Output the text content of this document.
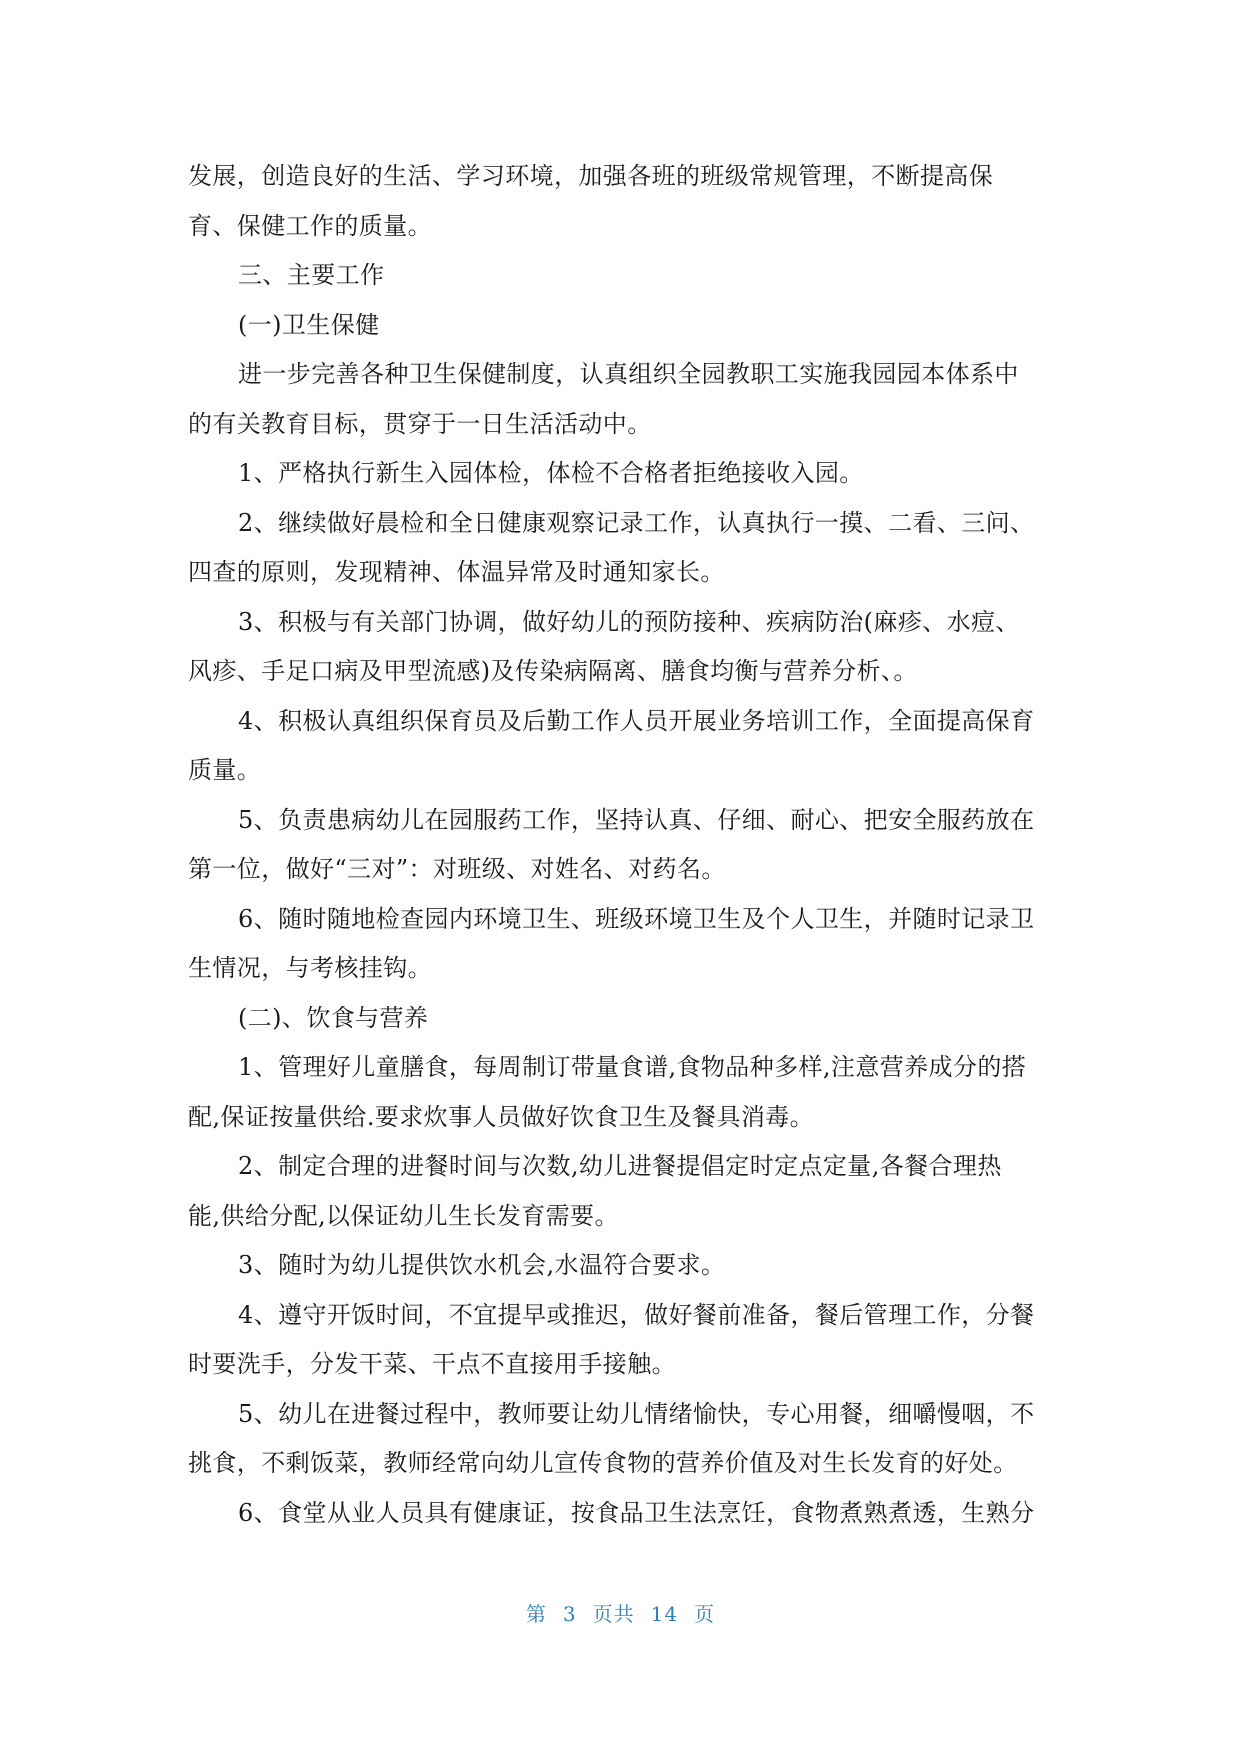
发展，创造良好的生活、学习环境，加强各班的班级常规管理，不断提高保
育、保健工作的质量。
三、主要工作
(一)卫生保健
进一步完善各种卫生保健制度，认真组织全园教职工实施我园园本体系中
的有关教育目标，贯穿于一日生活活动中。
1、严格执行新生入园体检，体检不合格者拒绝接收入园。
2、继续做好晨检和全日健康观察记录工作，认真执行一摸、二看、三问、
四查的原则，发现精神、体温异常及时通知家长。
3、积极与有关部门协调，做好幼儿的预防接种、疾病防治(麻疹、水痘、
风疹、手足口病及甲型流感)及传染病隔离、膳食均衡与营养分析、。
4、积极认真组织保育员及后勤工作人员开展业务培训工作，全面提高保育
质量。
5、负责患病幼儿在园服药工作，坚持认真、仔细、耐心、把安全服药放在
第一位，做好“三对”：对班级、对姓名、对药名。
6、随时随地检查园内环境卫生、班级环境卫生及个人卫生，并随时记录卫
生情况，与考核挂钩。
(二)、饮食与营养
1、管理好儿童膳食，每周制订带量食谱,食物品种多样,注意营养成分的搭
配,保证按量供给.要求炊事人员做好饮食卫生及餐具消毒。
2、制定合理的进餐时间与次数,幼儿进餐提倡定时定点定量,各餐合理热
能,供给分配,以保证幼儿生长发育需要。
3、随时为幼儿提供饮水机会,水温符合要求。
4、遵守开饭时间，不宜提早或推迟，做好餐前准备，餐后管理工作，分餐
时要洗手，分发干菜、干点不直接用手接触。
5、幼儿在进餐过程中，教师要让幼儿情绪愉快，专心用餐，细嚼慢咽，不
挑食，不剩饭菜，教师经常向幼儿宣传食物的营养价值及对生长发育的好处。
6、食堂从业人员具有健康证，按食品卫生法烹饪，食物煮熟煮透，生熟分
第 3 页共 14 页
